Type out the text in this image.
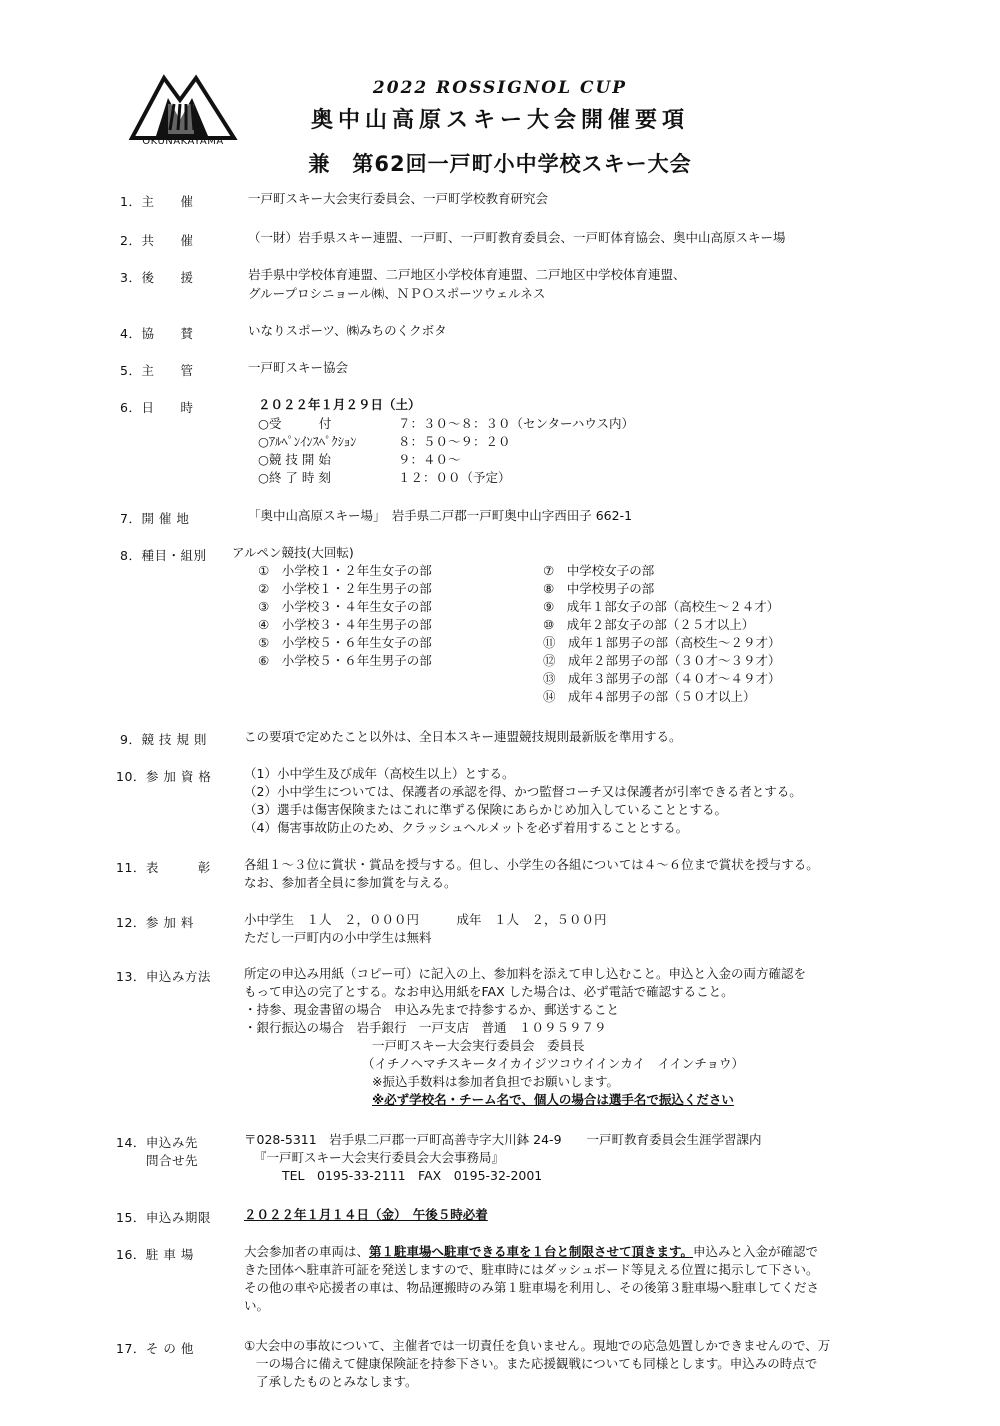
OKUNAKAYAMA
2022 ROSSIGNOL CUP
奥中山高原スキー大会開催要項
兼　第62回一戸町小中学校スキー大会
1．主　　催	一戸町スキー大会実行委員会、一戸町学校教育研究会
2．共　　催	（一財）岩手県スキー連盟、一戸町、一戸町教育委員会、一戸町体育協会、奥中山高原スキー場
3．後　　援	岩手県中学校体育連盟、二戸地区小学校体育連盟、二戸地区中学校体育連盟、
グループロシニョール㈱、ＮＰＯスポーツウェルネス
4．協　　賛	いなりスポーツ、㈱みちのくクボタ
5．主　　管	一戸町スキー協会
6．日　　時	２０２２年１月２９日（土）
○受　　　付	７：３０～８：３０（センターハウス内）
○ｱﾙﾍﾟﾝｲﾝｽﾍﾟｸｼｮﾝ	８：５０～９：２０
○競 技 開 始	９：４０～
○終 了 時 刻	１２：００（予定）
7．開 催 地	「奥中山高原スキー場」　岩手県二戸郡一戸町奥中山字西田子 662-1
8．種目・組別 アルペン競技(大回転)
①　小学校１・２年生女子の部
②　小学校１・２年生男子の部
③　小学校３・４年生女子の部
④　小学校３・４年生男子の部
⑤　小学校５・６年生女子の部
⑥　小学校５・６年生男子の部
⑦　中学校女子の部
⑧　中学校男子の部
⑨　成年１部女子の部（高校生～２４才）
⑩　成年２部女子の部（２５才以上）
⑪　成年１部男子の部（高校生～２９才）
⑫　成年２部男子の部（３０才～３９才）
⑬　成年３部男子の部（４０才～４９才）
⑭　成年４部男子の部（５０才以上）
9．競 技 規 則	この要項で定めたこと以外は、全日本スキー連盟競技規則最新版を準用する。
10．参 加 資 格	（1）小中学生及び成年（高校生以上）とする。
（2）小中学生については、保護者の承認を得、かつ監督コーチ又は保護者が引率できる者とする。
（3）選手は傷害保険またはこれに準ずる保険にあらかじめ加入していることとする。
（4）傷害事故防止のため、クラッシュヘルメットを必ず着用することとする。
11．表　　　彰	各組１～３位に賞状・賞品を授与する。但し、小学生の各組については４～６位まで賞状を授与する。
なお、参加者全員に参加賞を与える。
12．参 加 料	小中学生　１人　２，０００円　　　成年　１人　２，５００円
ただし一戸町内の小中学生は無料
13．申込み方法	所定の申込み用紙（コピー可）に記入の上、参加料を添えて申し込むこと。申込と入金の両方確認を
もって申込の完了とする。なお申込用紙をFAX した場合は、必ず電話で確認すること。
・持参、現金書留の場合　申込み先まで持参するか、郵送すること
・銀行振込の場合　岩手銀行　一戸支店　普通　１０９５９７９
一戸町スキー大会実行委員会　委員長
（イチノヘマチスキータイカイジツコウイインカイ　イインチョウ）
※振込手数料は参加者負担でお願いします。
※必ず学校名・チーム名で、個人の場合は選手名で振込ください
14．申込み先
問合せ先
〒028-5311　岩手県二戸郡一戸町高善寺字大川鉢 24-9　　一戸町教育委員会生涯学習課内
『一戸町スキー大会実行委員会大会事務局』
TEL　0195-33-2111　FAX　0195-32-2001
15．申込み期限	２０２２年１月１４日（金）　午後５時必着
16．駐 車 場	大会参加者の車両は、第１駐車場へ駐車できる車を１台と制限させて頂きます。申込みと入金が確認で
きた団体へ駐車許可証を発送しますので、駐車時にはダッシュボード等見える位置に掲示して下さい。
その他の車や応援者の車は、物品運搬時のみ第１駐車場を利用し、その後第３駐車場へ駐車してくださ
い。
17．そ の 他	①大会中の事故について、主催者では一切責任を負いません。現地での応急処置しかできませんので、万
一の場合に備えて健康保険証を持参下さい。また応援観戦についても同様とします。申込みの時点で
了承したものとみなします。
